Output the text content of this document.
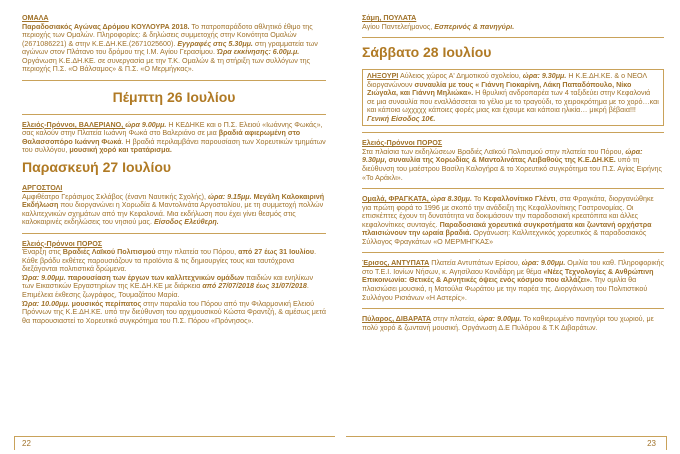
ΟΜΑΛΑ
Παραδοσιακός Αγώνας Δρόμου ΚΟΥΛΟΥΡΑ 2018. Το πατροπαράδοτο αθλητικό έθιμο της περιοχής των Ομαλών. Πληροφορίες: & δηλώσεις συμμετοχής στην Κοινότητα Ομαλών (2671086221) & στην Κ.Ε.ΔΗ.ΚΕ.(2671025600). Εγγραφές στις 5.30μμ. στη γραμματεία των αγώνων στον Πλάτανο του δρόμου της Ι.Μ. Αγίου Γερασίμου. Ώρα εκκίνησης: 6.00μ.μ. Οργάνωση Κ.Ε.ΔΗ.ΚΕ. σε συνεργασία με την Τ.Κ. Ομαλών & τη στήριξη των συλλόγων της περιοχής Π.Σ. «Ο Βάλσαμος» & Π.Σ. «Ο Μερμήγκας».

Πέμπτη 26 Ιουλίου

Ελειός-Πρόννοι, ΒΑΛΕΡΙΑΝΟ, ώρα 9.00μμ. Η ΚΕΔΗΚΕ και ο Π.Σ. Ελειού «Ιωάννης Φωκάς», σας καλούν στην Πλατεία Ιωάννη Φωκά στο Βαλεριάνο σε μια βραδιά αφιερωμένη στο Θαλασσοπόρο Ιωάννη Φωκά. Η βραδιά περιλαμβάνει παρουσίαση των Χορευτικών τμημάτων του συλλόγου, μουσική χορό και τρατάρισμα.

Παρασκευή 27 Ιουλίου

ΑΡΓΟΣΤΟΛΙ
Αμφιθέατρο Γεράσιμος Σκλάβος (έναντι Ναυτικής Σχολής), ώρα: 9.15μμ. Μεγάλη Καλοκαιρινή Εκδήλωση που διοργανώνει η Χορωδία & Μαντολινάτα Αργοστολίου, με τη συμμετοχή πολλών καλλιτεχνικών σχημάτων από την Κεφαλονιά. Μια εκδήλωση που έχει γίνει θεσμός στις καλοκαιρινές εκδηλώσεις του νησιού μας. Είσοδος Ελεύθερη.

Ελειός-Πρόννοι ΠΟΡΟΣ
Έναρξη στις Βραδιές Λαϊκού Πολιτισμού στην πλατεία του Πόρου, από 27 έως 31 Ιουλίου. Κάθε βράδυ εκθέτες παρουσιάζουν τα προϊόντα & τις δημιουργίες τους και ταυτόχρονα διεξάγονται πολιτιστικά δρώμενα.
Ώρα: 9.00μμ. παρουσίαση των έργων των καλλιτεχνικών ομάδων παιδιών και ενηλίκων των Εικαστικών Εργαστηρίων της ΚΕ.ΔΗ.ΚΕ με διάρκεια από 27/07/2018 έως 31/07/2018. Επιμέλεια έκθεσης ζωγράφος, Τουμαζάτου Μαρία.
Ώρα: 10.00μμ. μουσικός περίπατος στην παραλία του Πόρου από την Φιλαρμονική Ελειού Πρόννων της Κ.Ε.ΔΗ.ΚΕ. υπό την διεύθυνση του αρχιμουσικού Κώστα Φραντζή, & αμέσως μετά θα παρουσιαστεί το Χορευτικό συγκρότημα του Π.Σ. Πόρου «Πρόνησος».

22

Σάμη, ΠΟΥΛΑΤΑ
Αγίου Παντελεήμονος, Εσπερινός & πανηγύρι.

Σάββατο 28 Ιουλίου

ΛΗΞΟΥΡΙ Αύλειος χώρος Α' Δημοτικού σχολείου, ώρα: 9.30μμ. Η Κ.Ε.ΔΗ.ΚΕ. & ο ΝΕΟΛ διοργανώνουν συναυλία με τους « Γιάννη Γιοκαρίνη, Λάκη Παπαδόπουλο, Νίκο Ζιώγαλα, και Γιάννη Μηλιώκα». Η θρυλική ανδροπαρέα των 4 ταξιδεύει στην Κεφαλονιά σε μια συναυλία που εναλλάσσεται το γέλιο με το τραγούδι, το χειροκρότημα με το χορό…και και κάποια ωχχχχχ κάποιες φορές μιας και έχουμε και κάποια ηλικία… μικρή βέβαια!!!
Γενική Είσοδος 10€.

Ελειός-Πρόννοι ΠΟΡΟΣ
Στα πλαίσια των εκδηλώσεων Βραδιές Λαϊκού Πολιτισμού στην πλατεία του Πόρου, ώρα: 9.30μμ, συναυλία της Χορωδίας & Μαντολινάτας Λειβαθούς της Κ.Ε.ΔΗ.ΚΕ. υπό τη διεύθυνση του μαέστρου Βασίλη Καλογήρα & το Χορευτικό συγκρότημα του Π.Σ. Αγίας Ειρήνης «Το Αράκλι».

Ομαλά, ΦΡΑΓΚΑΤΑ, ώρα 8.30μμ. Το Κεφαλλονίτικο Γλέντι, στα Φραγκάτα, διοργανώθηκε για πρώτη φορά το 1996 με σκοπό την ανάδειξη της Κεφαλλονίτικης Γαστρονομίας. Οι επισκέπτες έχουν τη δυνατότητα να δοκιμάσουν την παραδοσιακή κρεατόπιτα και άλλες κεφαλονίτικες συνταγές. Παραδοσιακά χορευτικά συγκροτήματα και ζωντανή ορχήστρα πλαισιώνουν την ωραία βραδιά. Οργάνωση: Καλλιτεχνικός χορευτικός & παραδοσιακός Σύλλογος Φραγκάτων «Ο ΜΕΡΜΗΓΚΑΣ»

Έρισος, ΑΝΤΥΠΑΤΑ Πλατεία Αντυπάτων Ερίσου, ώρα: 9.00μμ. Ομιλία του καθ. Πληροφορικής στο Τ.Ε.Ι. Ιονίων Νήσων, κ. Αγησίλαου Κονιδάρη με θέμα «Νέες Τεχνολογίες & Ανθρώπινη Επικοινωνία: Θετικές & Αρνητικές όψεις ενός κόσμου που αλλάζει». Την ομιλία θα πλαισιώσει μουσικά, η Ματούλα Φωράτου με την παρέα της. Διοργάνωση του Πολιτιστικού Συλλόγου Ρισιάνων «Η Αστερίς».

Πύλαρος, ΔΙΒΑΡΑΤΑ στην πλατεία, ώρα: 9.00μμ. Το καθιερωμένο πανηγύρι του χωριού, με πολύ χορό & ζωντανή μουσική. Οργάνωση Δ.Ε Πυλάρου & Τ.Κ Διβαράτων.

23
